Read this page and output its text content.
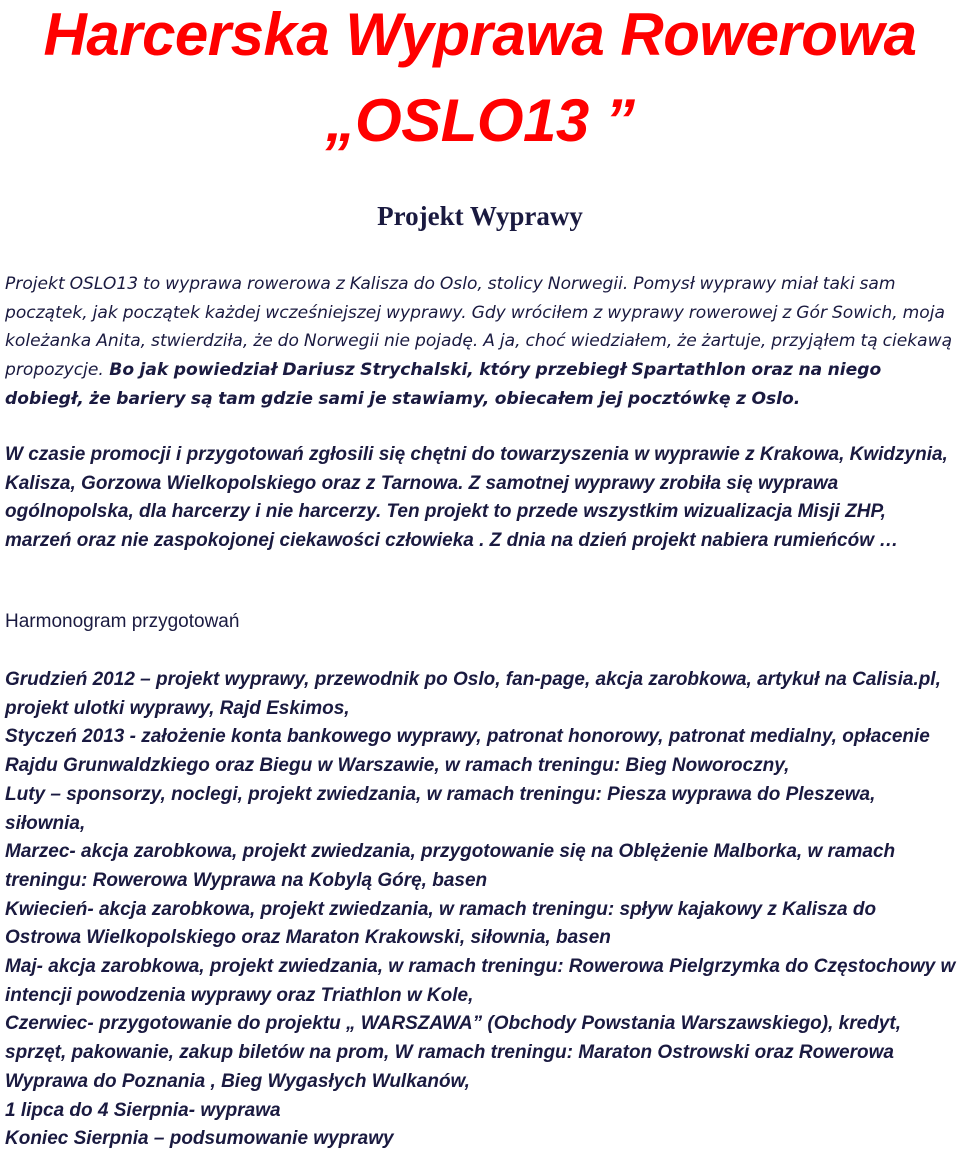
Harcerska Wyprawa Rowerowa
„OSLO13 ”
Projekt Wyprawy
Projekt OSLO13 to wyprawa rowerowa z Kalisza do Oslo, stolicy Norwegii. Pomysł wyprawy miał taki sam początek, jak początek każdej wcześniejszej wyprawy. Gdy wróciłem z wyprawy rowerowej z Gór Sowich, moja koleżanka Anita, stwierdziła, że do Norwegii nie pojadę. A ja, choć wiedziałem, że żartuje, przyjąłem tą ciekawą propozycje. Bo jak powiedział Dariusz Strychalski, który przebiegł Spartathlon oraz na niego dobiegł, że bariery są tam gdzie sami je stawiamy, obiecałem jej pocztówkę z Oslo.
W czasie promocji i przygotowań zgłosili się chętni do towarzyszenia w wyprawie z Krakowa, Kwidzynia, Kalisza, Gorzowa Wielkopolskiego oraz z Tarnowa. Z samotnej wyprawy zrobiła się wyprawa ogólnopolska, dla harcerzy i nie harcerzy. Ten projekt to przede wszystkim wizualizacja Misji ZHP, marzeń oraz nie zaspokojonej ciekawości człowieka . Z dnia na dzień projekt nabiera rumieńców …
Harmonogram przygotowań
Grudzień 2012 – projekt wyprawy, przewodnik po Oslo, fan-page, akcja zarobkowa, artykuł na Calisia.pl, projekt ulotki wyprawy, Rajd Eskimos,
Styczeń 2013 - założenie konta bankowego wyprawy, patronat honorowy, patronat medialny, opłacenie Rajdu Grunwaldzkiego oraz Biegu w Warszawie, w ramach treningu: Bieg Noworoczny,
Luty – sponsorzy, noclegi, projekt zwiedzania, w ramach treningu: Piesza wyprawa do Pleszewa, siłownia,
Marzec- akcja zarobkowa, projekt zwiedzania, przygotowanie się na Oblężenie Malborka, w ramach treningu: Rowerowa Wyprawa na Kobylą Górę, basen
Kwiecień- akcja zarobkowa, projekt zwiedzania, w ramach treningu: spływ kajakowy z Kalisza do Ostrowa Wielkopolskiego oraz Maraton Krakowski, siłownia, basen
Maj- akcja zarobkowa, projekt zwiedzania, w ramach treningu: Rowerowa Pielgrzymka do Częstochowy w intencji powodzenia wyprawy oraz Triathlon w Kole,
Czerwiec- przygotowanie do projektu „ WARSZAWA” (Obchody Powstania Warszawskiego), kredyt, sprzęt, pakowanie, zakup biletów na prom, W ramach treningu: Maraton Ostrowski oraz Rowerowa Wyprawa do Poznania , Bieg Wygasłych Wulkanów,
1 lipca do 4 Sierpnia- wyprawa
Koniec Sierpnia – podsumowanie wyprawy
